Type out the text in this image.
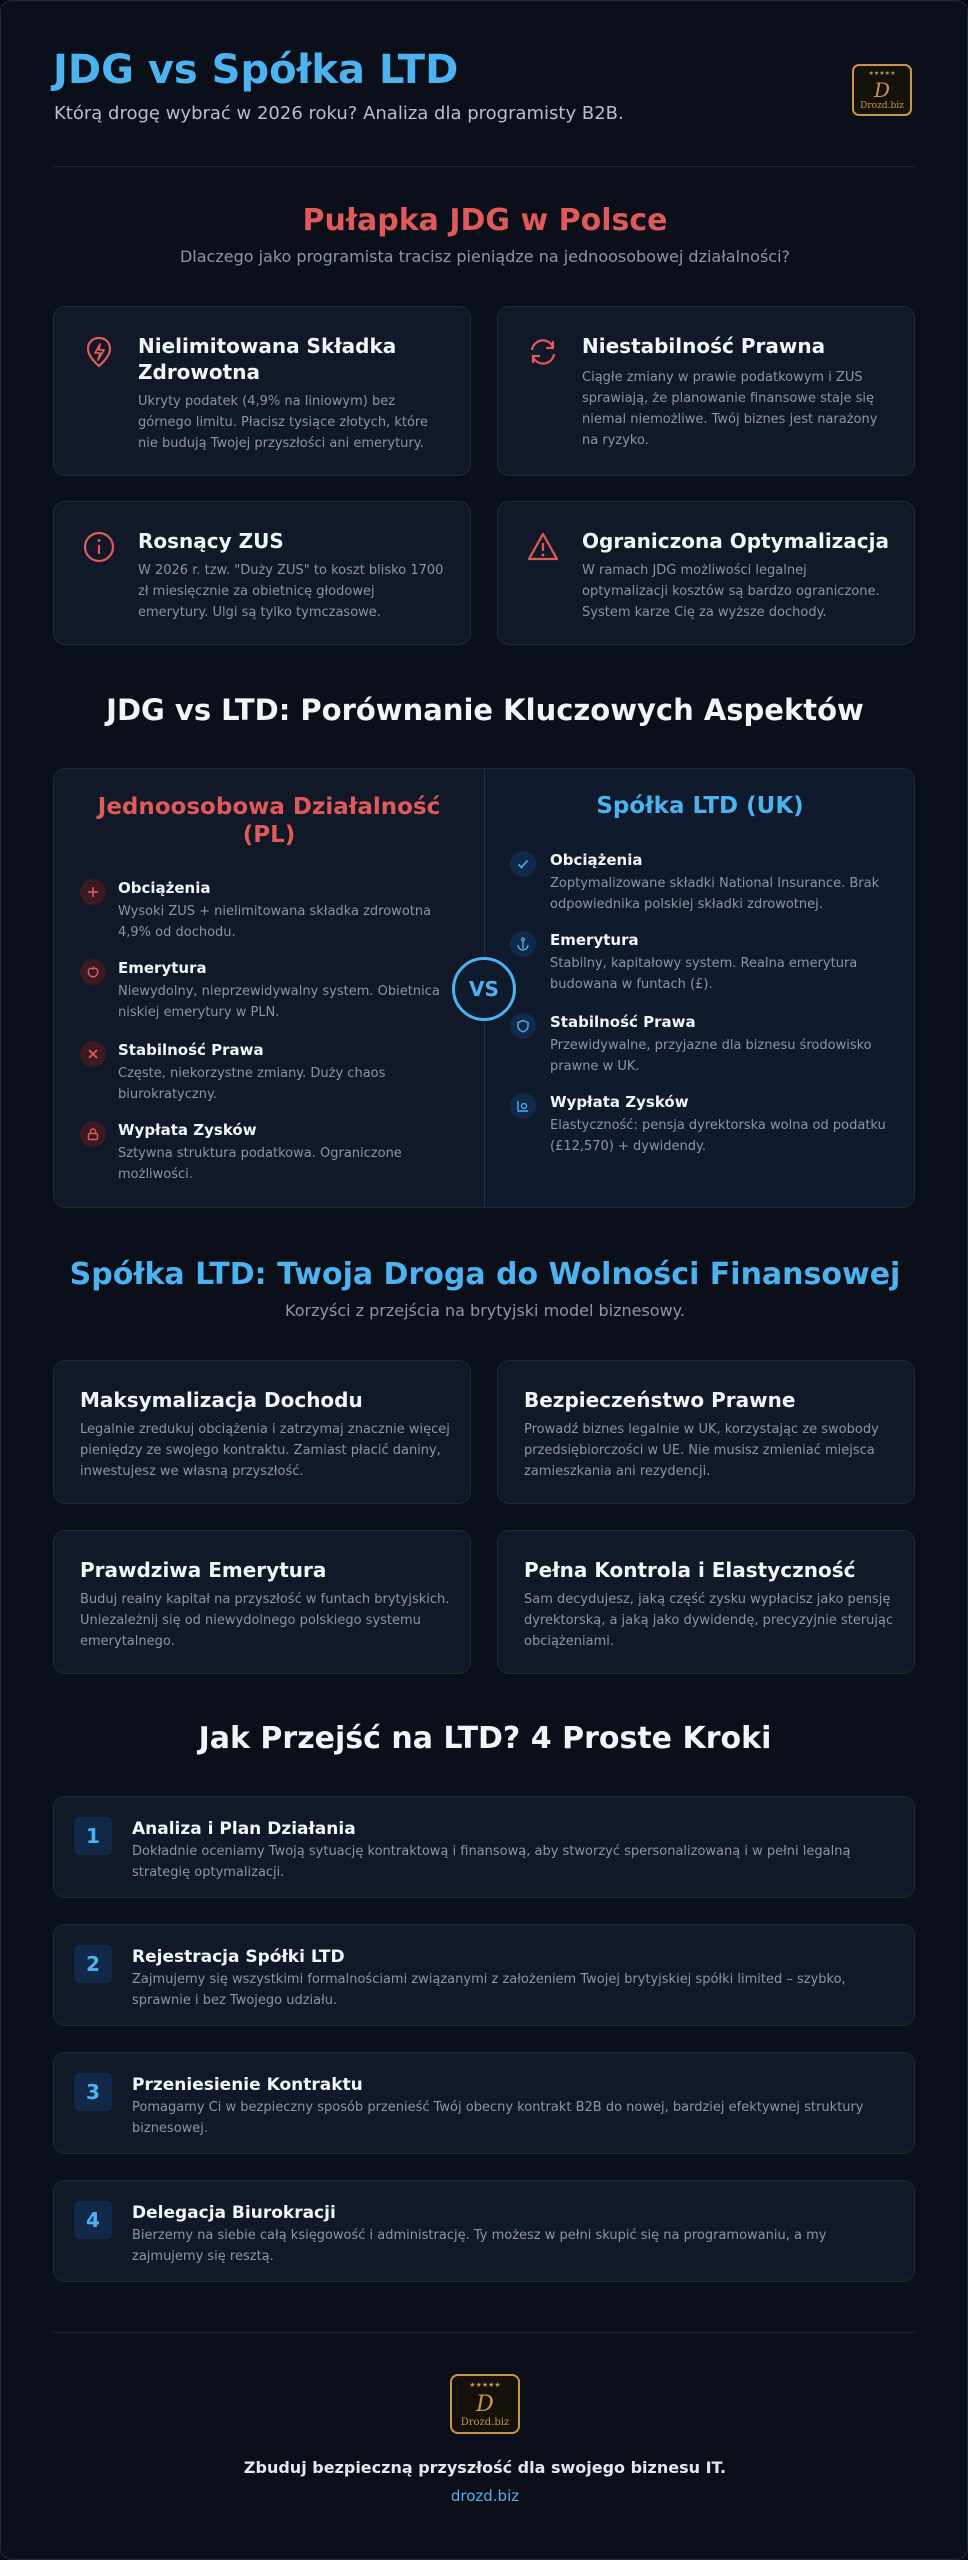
JDG vs Spółka LTD
Którą drogę wybrać w 2026 roku? Analiza dla programisty B2B.
★★★★★
D
Drozd.biz
Pułapka JDG w Polsce
Dlaczego jako programista tracisz pieniądze na jednoosobowej działalności?
Nielimitowana Składka Zdrowotna
Ukryty podatek (4,9% na liniowym) bez górnego limitu. Płacisz tysiące złotych, które nie budują Twojej przyszłości ani emerytury.
Niestabilność Prawna
Ciągłe zmiany w prawie podatkowym i ZUS sprawiają, że planowanie finansowe staje się niemal niemożliwe. Twój biznes jest narażony na ryzyko.
Rosnący ZUS
W 2026 r. tzw. "Duży ZUS" to koszt blisko 1700 zł miesięcznie za obietnicę głodowej emerytury. Ulgi są tylko tymczasowe.
Ograniczona Optymalizacja
W ramach JDG możliwości legalnej optymalizacji kosztów są bardzo ograniczone. System karze Cię za wyższe dochody.
JDG vs LTD: Porównanie Kluczowych Aspektów
Jednoosobowa Działalność (PL)
Obciążenia
Wysoki ZUS + nielimitowana składka zdrowotna 4,9% od dochodu.
Emerytura
Niewydolny, nieprzewidywalny system. Obietnica niskiej emerytury w PLN.
Stabilność Prawa
Częste, niekorzystne zmiany. Duży chaos biurokratyczny.
Wypłata Zysków
Sztywna struktura podatkowa. Ograniczone możliwości.
Spółka LTD (UK)
Obciążenia
Zoptymalizowane składki National Insurance. Brak odpowiednika polskiej składki zdrowotnej.
Emerytura
Stabilny, kapitałowy system. Realna emerytura budowana w funtach (£).
Stabilność Prawa
Przewidywalne, przyjazne dla biznesu środowisko prawne w UK.
Wypłata Zysków
Elastyczność: pensja dyrektorska wolna od podatku (£12,570) + dywidendy.
VS
Spółka LTD: Twoja Droga do Wolności Finansowej
Korzyści z przejścia na brytyjski model biznesowy.
Maksymalizacja Dochodu
Legalnie zredukuj obciążenia i zatrzymaj znacznie więcej pieniędzy ze swojego kontraktu. Zamiast płacić daniny, inwestujesz we własną przyszłość.
Bezpieczeństwo Prawne
Prowadź biznes legalnie w UK, korzystając ze swobody przedsiębiorczości w UE. Nie musisz zmieniać miejsca zamieszkania ani rezydencji.
Prawdziwa Emerytura
Buduj realny kapitał na przyszłość w funtach brytyjskich. Uniezależnij się od niewydolnego polskiego systemu emerytalnego.
Pełna Kontrola i Elastyczność
Sam decydujesz, jaką część zysku wypłacisz jako pensję dyrektorską, a jaką jako dywidendę, precyzyjnie sterując obciążeniami.
Jak Przejść na LTD? 4 Proste Kroki
1	Analiza i Plan Działania
Dokładnie oceniamy Twoją sytuację kontraktową i finansową, aby stworzyć spersonalizowaną i w pełni legalną strategię optymalizacji.
2	Rejestracja Spółki LTD
Zajmujemy się wszystkimi formalnościami związanymi z założeniem Twojej brytyjskiej spółki limited – szybko, sprawnie i bez Twojego udziału.
3	Przeniesienie Kontraktu
Pomagamy Ci w bezpieczny sposób przenieść Twój obecny kontrakt B2B do nowej, bardziej efektywnej struktury biznesowej.
4	Delegacja Biurokracji
Bierzemy na siebie całą księgowość i administrację. Ty możesz w pełni skupić się na programowaniu, a my zajmujemy się resztą.
★★★★★
D
Drozd.biz
Zbuduj bezpieczną przyszłość dla swojego biznesu IT.
drozd.biz
